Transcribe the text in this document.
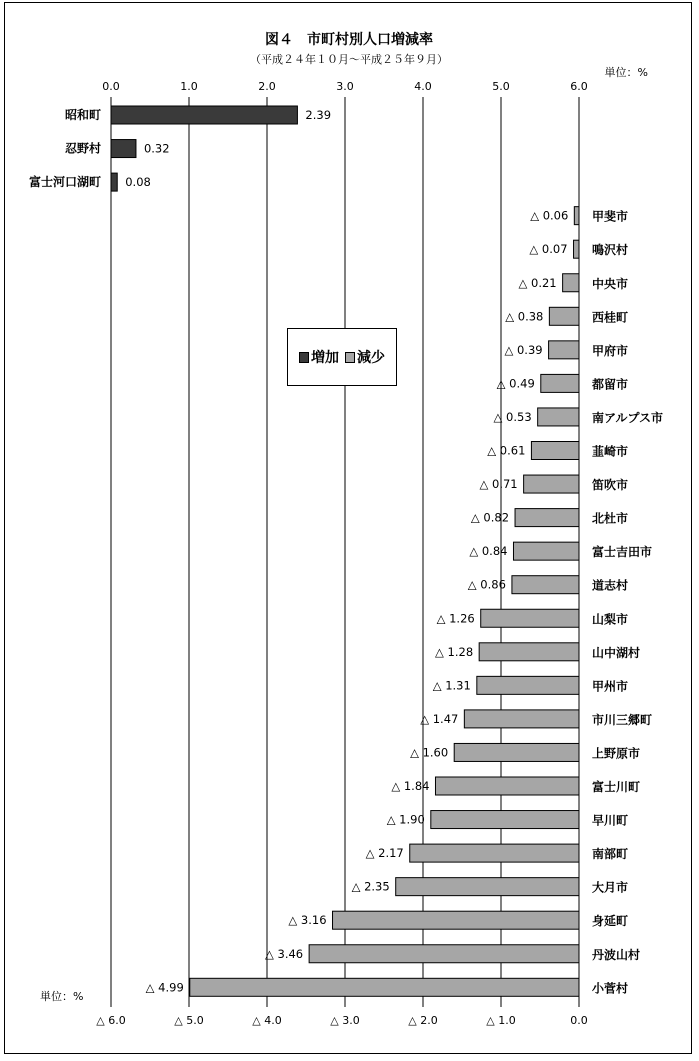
図４　市町村別人口増減率
（平成２４年１０月～平成２５年９月）
単位：%
単位：%
0.0	1.0	2.0	3.0	4.0	5.0	6.0
△ 6.0	△ 5.0	△ 4.0	△ 3.0	△ 2.0	△ 1.0	0.0
2.39
昭和町
0.32
忍野村
0.08
富士河口湖町
△ 0.06 甲斐市
△ 0.07 鳴沢村
△ 0.21	中央市
△ 0.38	西桂町
△ 0.39	甲府市
△ 0.49	都留市
△ 0.53	南アルプス市
△ 0.61	韮崎市
△ 0.71	笛吹市
△ 0.82	北杜市
△ 0.84	富士吉田市
△ 0.86	道志村
△ 1.26	山梨市
△ 1.28	山中湖村
△ 1.31	甲州市
△ 1.47	市川三郷町
△ 1.60	上野原市
△ 1.84	富士川町
△ 1.90	早川町
△ 2.17	南部町
△ 2.35	大月市
△ 3.16	身延町
△ 3.46	丹波山村
△ 4.99	小菅村
増加 減少
